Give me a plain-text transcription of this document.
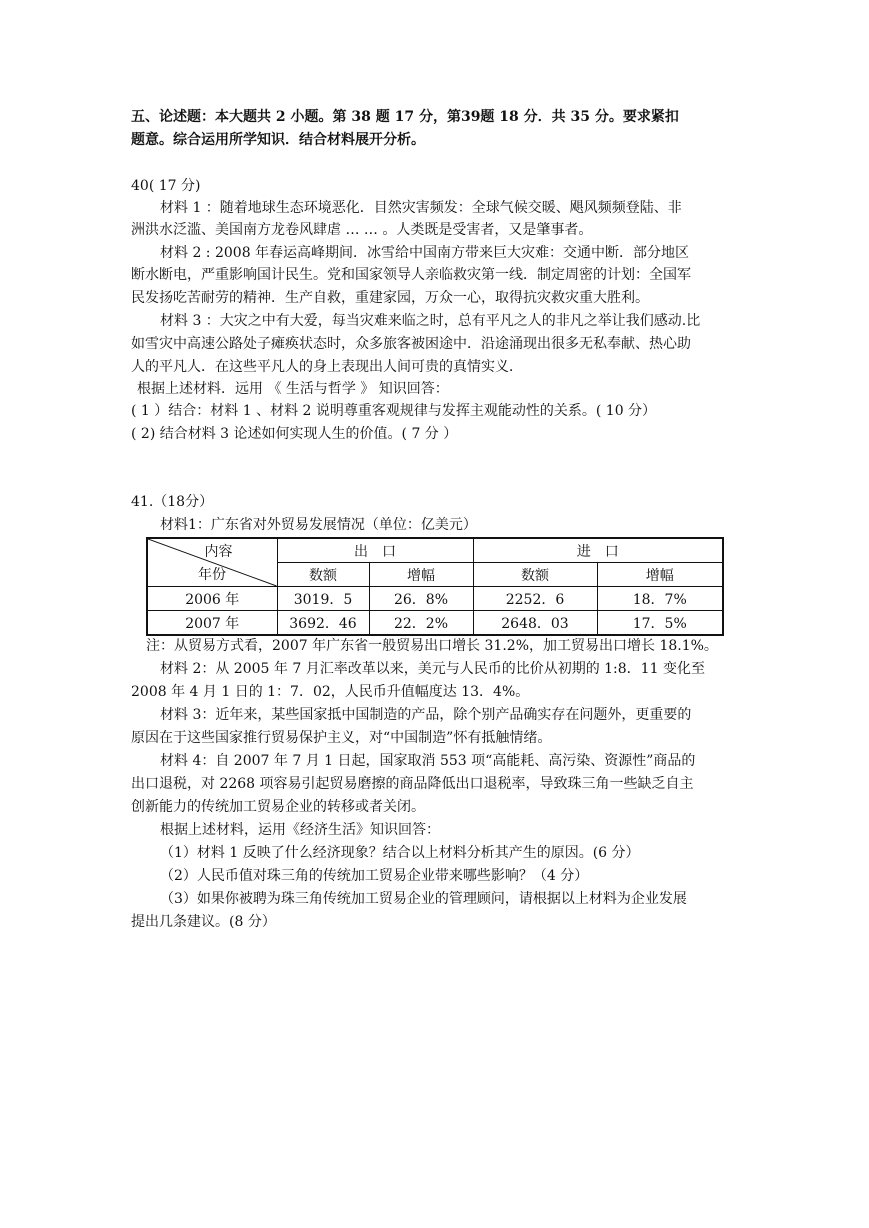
五、论述题：本大题共 2 小题。第 38 题 17 分，第39题 18 分．共 35 分。要求紧扣
题意。综合运用所学知识．结合材料展开分析。
40( 17 分)
材料 1 ：随着地球生态环境恶化．目然灾害频发：全球气候交暖、飓风频频登陆、非
洲洪水泛滥、美国南方龙卷风肆虐 … … 。人类既是受害者，又是肇事者。
材料 2 : 2008 年春运高峰期间．冰雪给中国南方带来巨大灾难：交通中断．部分地区
断水断电，严重影响国计民生。党和国家领导人亲临救灾第一线．制定周密的计划：全国军
民发扬吃苦耐劳的精神．生产自救，重建家园，万众一心，取得抗灾救灾重大胜利。
材料 3 ：大灾之中有大爱，每当灾难来临之时，总有平凡之人的非凡之举让我们感动.比
如雪灾中高速公路处子瘫痪状态时，众多旅客被困途中．沿途涌现出很多无私奉献、热心助
人的平凡人．在这些平凡人的身上表现出人间可贵的真情实义．
根据上述材料．远用 《 生活与哲学 》 知识回答：
( 1 ）结合：材料 1 、材料 2 说明尊重客观规律与发挥主观能动性的关系。( 10 分）
( 2) 结合材料 3 论述如何实现人生的价值。( 7 分 ）
41.（18分）
材料1：广东省对外贸易发展情况（单位：亿美元）
内容
年份	出　口		进　口	
	数额	增幅	数额	增幅
2006 年	3019．5	26．8%	2252．6	18．7%
2007 年	3692．46	22．2%	2648．03	17．5%
注：从贸易方式看，2007 年广东省一般贸易出口增长 31.2%，加工贸易出口增长 18.1%。
材料 2：从 2005 年 7 月汇率改革以来，美元与人民币的比价从初期的 1:8．11 变化至
2008 年 4 月 1 日的 1：7．02，人民币升值幅度达 13．4%。
材料 3：近年来，某些国家抵中国制造的产品，除个别产品确实存在问题外，更重要的
原因在于这些国家推行贸易保护主义，对“中国制造”怀有抵触情绪。
材料 4：自 2007 年 7 月 1 日起，国家取消 553 项“高能耗、高污染、资源性”商品的
出口退税，对 2268 项容易引起贸易磨擦的商品降低出口退税率，导致珠三角一些缺乏自主
创新能力的传统加工贸易企业的转移或者关闭。
根据上述材料，运用《经济生活》知识回答：
（1）材料 1 反映了什么经济现象？结合以上材料分析其产生的原因。(6 分）
（2）人民币值对珠三角的传统加工贸易企业带来哪些影响？（4 分）
（3）如果你被聘为珠三角传统加工贸易企业的管理顾问，请根据以上材料为企业发展
提出几条建议。(8 分）
